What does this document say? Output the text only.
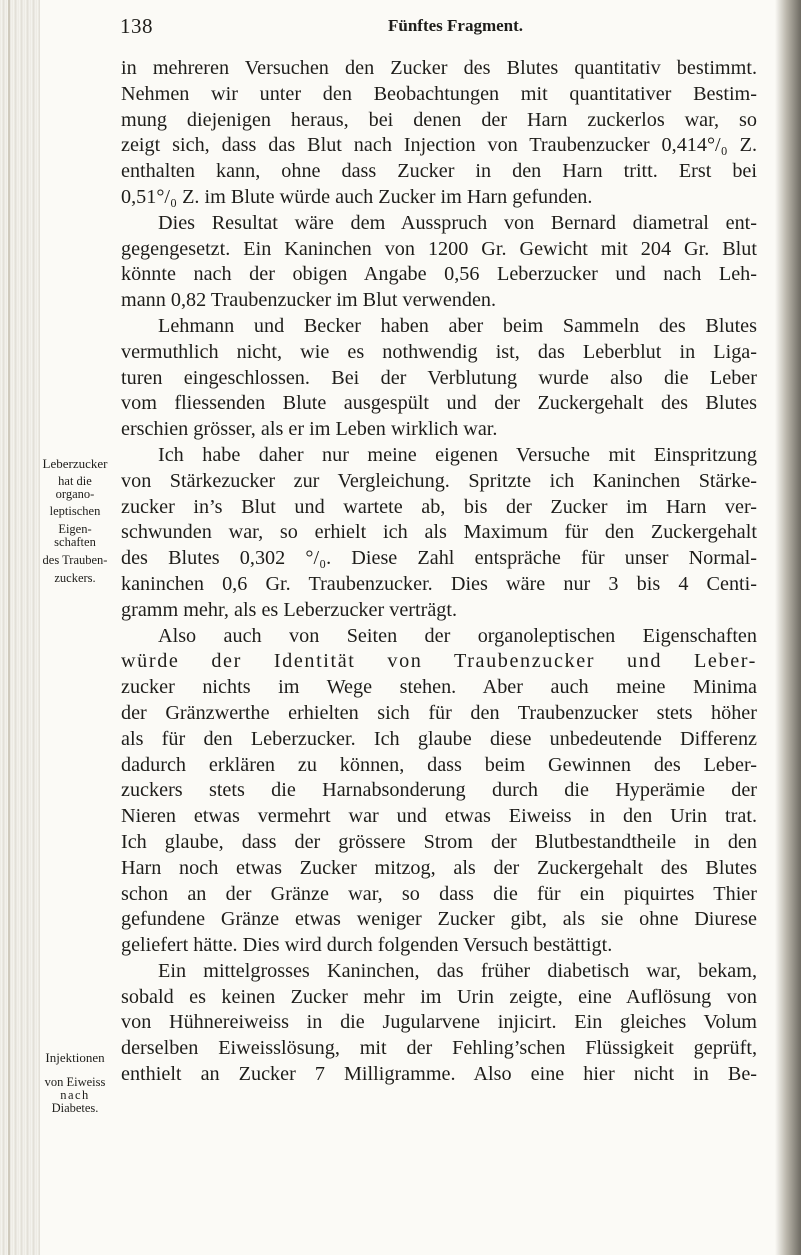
138	Fünftes Fragment.
Leberzucker
hat die
organo-
leptischen
Eigen-
schaften
des Trauben-
zuckers.
Injektionen
von Eiweiss
nach
Diabetes.
in mehreren Versuchen den Zucker des Blutes quantitativ bestimmt.
Nehmen wir unter den Beobachtungen mit quantitativer Bestim-
mung diejenigen heraus, bei denen der Harn zuckerlos war, so
zeigt sich, dass das Blut nach Injection von Traubenzucker 0,414°/₀ Z.
enthalten kann, ohne dass Zucker in den Harn tritt. Erst bei
0,51°/₀ Z. im Blute würde auch Zucker im Harn gefunden.
Dies Resultat wäre dem Ausspruch von Bernard diametral ent-
gegengesetzt. Ein Kaninchen von 1200 Gr. Gewicht mit 204 Gr. Blut
könnte nach der obigen Angabe 0,56 Leberzucker und nach Leh-
mann 0,82 Traubenzucker im Blut verwenden.
Lehmann und Becker haben aber beim Sammeln des Blutes
vermuthlich nicht, wie es nothwendig ist, das Leberblut in Liga-
turen eingeschlossen. Bei der Verblutung wurde also die Leber
vom fliessenden Blute ausgespült und der Zuckergehalt des Blutes
erschien grösser, als er im Leben wirklich war.
Ich habe daher nur meine eigenen Versuche mit Einspritzung
von Stärkezucker zur Vergleichung. Spritzte ich Kaninchen Stärke-
zucker in’s Blut und wartete ab, bis der Zucker im Harn ver-
schwunden war, so erhielt ich als Maximum für den Zuckergehalt
des Blutes 0,302 °/₀. Diese Zahl entspräche für unser Normal-
kaninchen 0,6 Gr. Traubenzucker. Dies wäre nur 3 bis 4 Centi-
gramm mehr, als es Leberzucker verträgt.
Also auch von Seiten der organoleptischen Eigenschaften
würde der Identität von Traubenzucker und Leber-
zucker nichts im Wege stehen. Aber auch meine Minima
der Gränzwerthe erhielten sich für den Traubenzucker stets höher
als für den Leberzucker. Ich glaube diese unbedeutende Differenz
dadurch erklären zu können, dass beim Gewinnen des Leber-
zuckers stets die Harnabsonderung durch die Hyperämie der
Nieren etwas vermehrt war und etwas Eiweiss in den Urin trat.
Ich glaube, dass der grössere Strom der Blutbestandtheile in den
Harn noch etwas Zucker mitzog, als der Zuckergehalt des Blutes
schon an der Gränze war, so dass die für ein piquirtes Thier
gefundene Gränze etwas weniger Zucker gibt, als sie ohne Diurese
geliefert hätte. Dies wird durch folgenden Versuch bestättigt.
Ein mittelgrosses Kaninchen, das früher diabetisch war, bekam,
sobald es keinen Zucker mehr im Urin zeigte, eine Auflösung von
von Hühnereiweiss in die Jugularvene injicirt. Ein gleiches Volum
derselben Eiweisslösung, mit der Fehling’schen Flüssigkeit geprüft,
enthielt an Zucker 7 Milligramme. Also eine hier nicht in Be-
